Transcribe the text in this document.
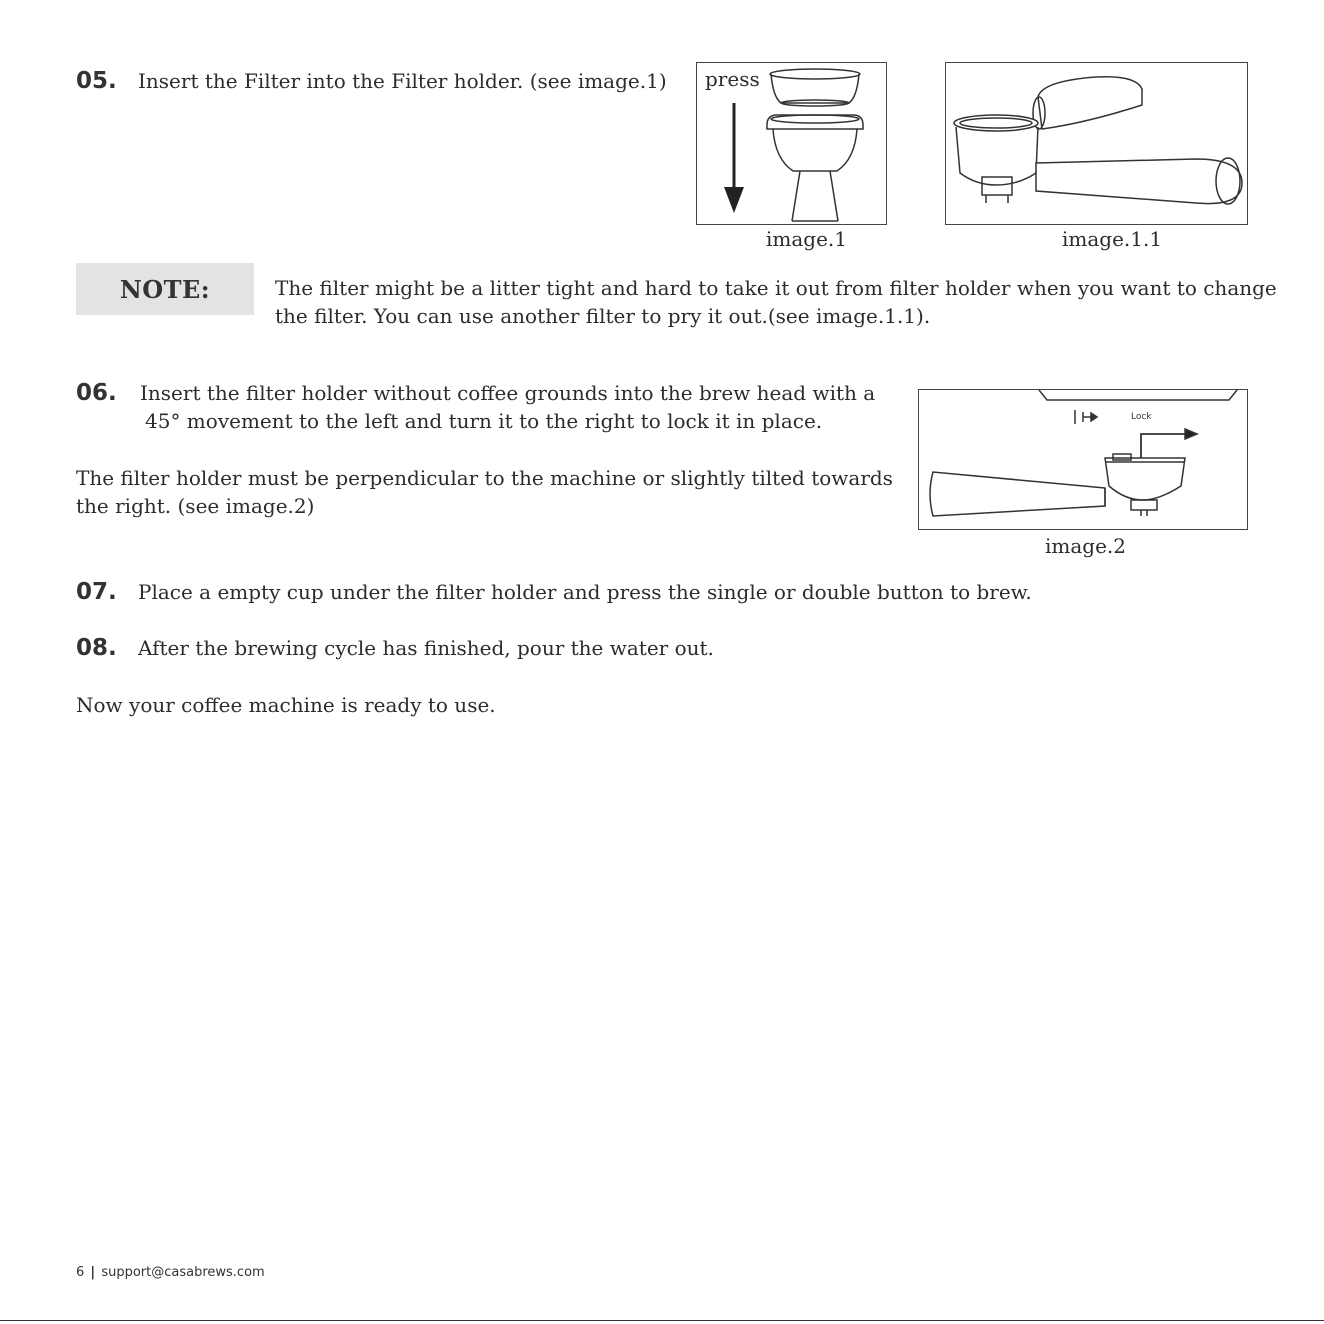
05. Insert the Filter into the Filter holder. (see image.1) press
image.1	image.1.1
NOTE:	The filter might be a litter tight and hard to take it out from filter holder when you want to change
the filter. You can use another filter to pry it out.(see image.1.1).
06. Insert the filter holder without coffee grounds into the brew head with a
45° movement to the left and turn it to the right to lock it in place.
The filter holder must be perpendicular to the machine or slightly tilted towards
the right. (see image.2)
Lock
image.2
07. Place a empty cup under the filter holder and press the single or double button to brew.
08. After the brewing cycle has finished, pour the water out.
Now your coffee machine is ready to use.
6 | support@casabrews.com
